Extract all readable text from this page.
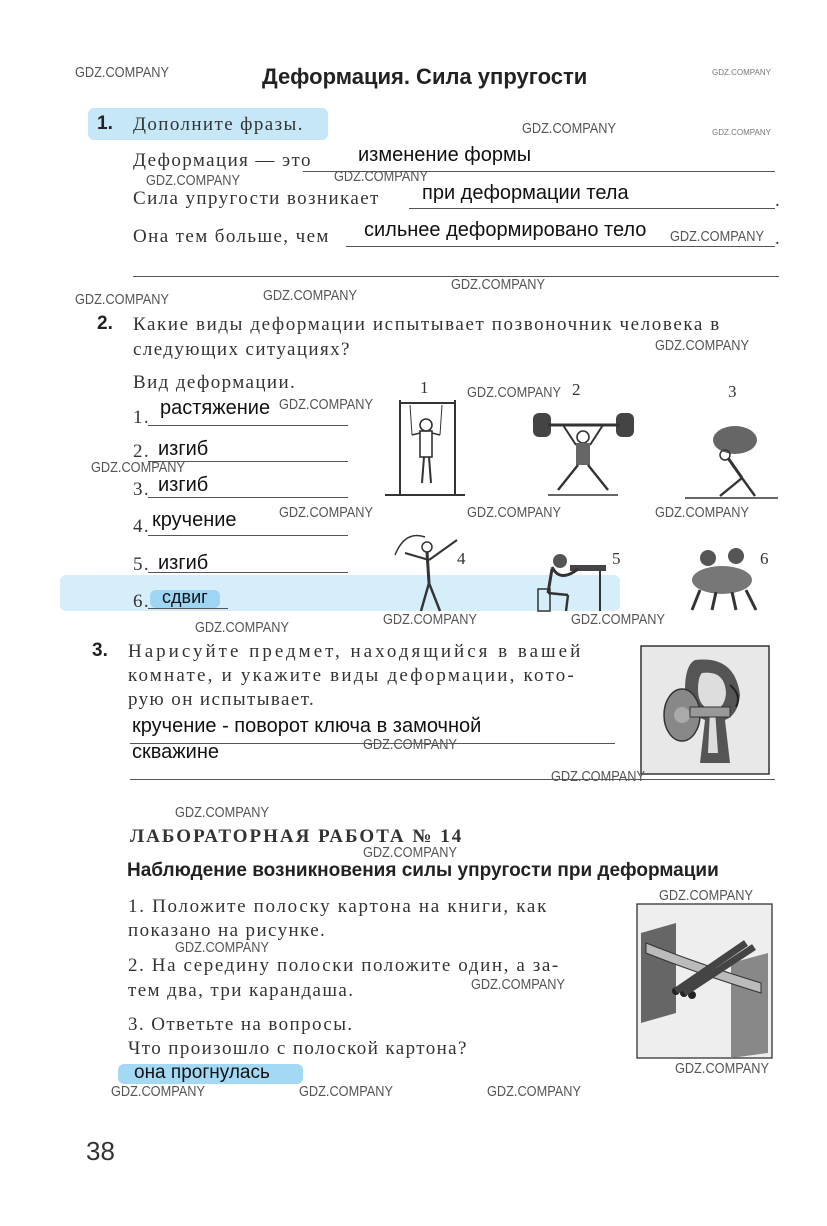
Деформация. Сила упругости
1. Дополните фразы.
Деформация — это изменение формы
Сила упругости возникает при деформации тела	.
Она тем больше, чем сильнее деформировано тело	.
2. Какие виды деформации испытывает позвоночник человека в
следующих ситуациях?
Вид деформации.
1. растяжение
2. изгиб
3. изгиб
4. кручение
5. изгиб
6. сдвиг
1	2	3
4	5	6
3. Нарисуйте предмет, находящийся в вашей
комнате, и укажите виды деформации, кото-
рую он испытывает.
кручение - поворот ключа в замочной
скважине
ЛАБОРАТОРНАЯ РАБОТА № 14
Наблюдение возникновения силы упругости при деформации
1. Положите полоску картона на книги, как
показано на рисунке.
2. На середину полоски положите один, а за-
тем два, три карандаша.
3. Ответьте на вопросы.
Что произошло с полоской картона?
она прогнулась
38
GDZ.COMPANY	GDZ.COMPANY
GDZ.COMPANY	GDZ.COMPANY
GDZ.COMPANY	GDZ.COMPANY
GDZ.COMPANY
GDZ.COMPANY
GDZ.COMPANY	GDZ.COMPANY
GDZ.COMPANY
GDZ.COMPANY
GDZ.COMPANY
GDZ.COMPANY
GDZ.COMPANY	GDZ.COMPANY	GDZ.COMPANY
GDZ.COMPANY	GDZ.COMPANY
GDZ.COMPANY
GDZ.COMPANY
GDZ.COMPANY
GDZ.COMPANY
GDZ.COMPANY
GDZ.COMPANY
GDZ.COMPANY
GDZ.COMPANY
GDZ.COMPANY
GDZ.COMPANY	GDZ.COMPANY	GDZ.COMPANY
